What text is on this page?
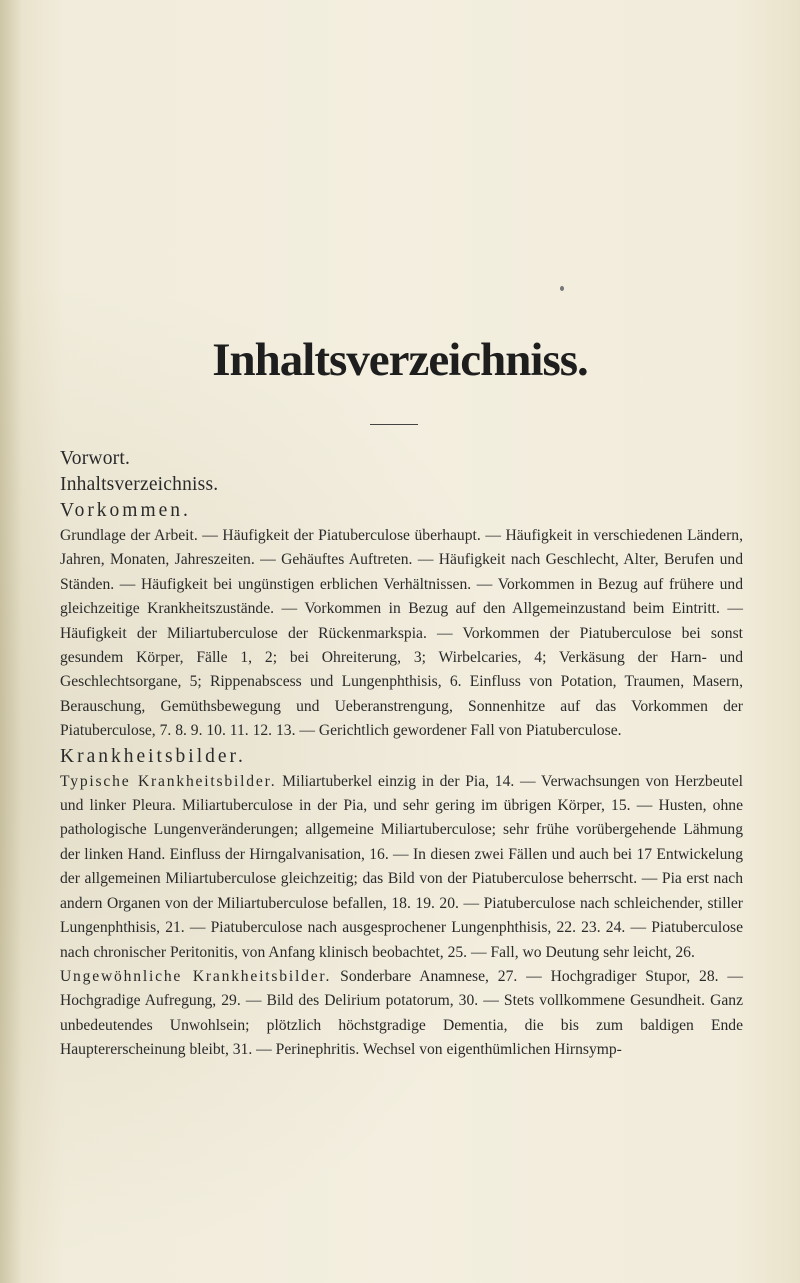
Inhaltsverzeichniss.

Vorwort.

Inhaltsverzeichniss.

Vorkommen.

Grundlage der Arbeit. — Häufigkeit der Piatuberculose überhaupt. — Häufigkeit in verschiedenen Ländern, Jahren, Monaten, Jahreszeiten. — Gehäuftes Auftreten. — Häufigkeit nach Geschlecht, Alter, Berufen und Ständen. — Häufigkeit bei ungünstigen erblichen Verhältnissen. — Vorkommen in Bezug auf frühere und gleichzeitige Krankheitszustände. — Vorkommen in Bezug auf den Allgemeinzustand beim Eintritt. — Häufigkeit der Miliartuberculose der Rückenmarkspia. — Vorkommen der Piatuberculose bei sonst gesundem Körper, Fälle 1, 2; bei Ohreiterung, 3; Wirbelcaries, 4; Verkäsung der Harn- und Geschlechtsorgane, 5; Rippenabscess und Lungenphthisis, 6. Einfluss von Potation, Traumen, Masern, Berauschung, Gemüthsbewegung und Ueberanstrengung, Sonnenhitze auf das Vorkommen der Piatuberculose, 7. 8. 9. 10. 11. 12. 13. — Gerichtlich gewordener Fall von Piatuberculose.

Krankheitsbilder.

Typische Krankheitsbilder. Miliartuberkel einzig in der Pia, 14. — Verwachsungen von Herzbeutel und linker Pleura. Miliartuberculose in der Pia, und sehr gering im übrigen Körper, 15. — Husten, ohne pathologische Lungenveränderungen; allgemeine Miliartuberculose; sehr frühe vorübergehende Lähmung der linken Hand. Einfluss der Hirngalvanisation, 16. — In diesen zwei Fällen und auch bei 17 Entwickelung der allgemeinen Miliartuberculose gleichzeitig; das Bild von der Piatuberculose beherrscht. — Pia erst nach andern Organen von der Miliartuberculose befallen, 18. 19. 20. — Piatuberculose nach schleichender, stiller Lungenphthisis, 21. — Piatuberculose nach ausgesprochener Lungenphthisis, 22. 23. 24. — Piatuberculose nach chronischer Peritonitis, von Anfang klinisch beobachtet, 25. — Fall, wo Deutung sehr leicht, 26.

Ungewöhnliche Krankheitsbilder. Sonderbare Anamnese, 27. — Hochgradiger Stupor, 28. — Hochgradige Aufregung, 29. — Bild des Delirium potatorum, 30. — Stets vollkommene Gesundheit. Ganz unbedeutendes Unwohlsein; plötzlich höchstgradige Dementia, die bis zum baldigen Ende Hauptererscheinung bleibt, 31. — Perinephritis. Wechsel von eigenthümlichen Hirnsymp-
